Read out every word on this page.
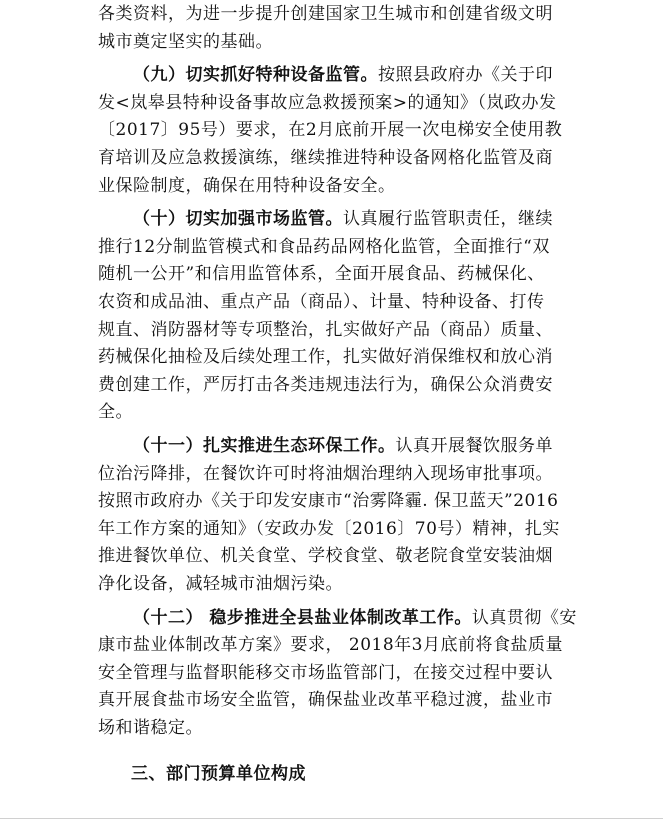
三、部门预算单位构成
各类资料，为进一步提升创建国家卫生城市和创建省级文明
城市奠定坚实的基础。
（九）切实抓好特种设备监管。按照县政府办《关于印
发<岚皋县特种设备事故应急救援预案>的通知》（岚政办发
〔2017〕95号）要求，在2月底前开展一次电梯安全使用教
育培训及应急救援演练，继续推进特种设备网格化监管及商
业保险制度，确保在用特种设备安全。
（十）切实加强市场监管。认真履行监管职责任，继续
推行12分制监管模式和食品药品网格化监管，全面推行“双
随机一公开”和信用监管体系，全面开展食品、药械保化、
农资和成品油、重点产品（商品）、计量、特种设备、打传
规直、消防器材等专项整治，扎实做好产品（商品）质量、
药械保化抽检及后续处理工作，扎实做好消保维权和放心消
费创建工作，严厉打击各类违规违法行为，确保公众消费安
全。
（十一）扎实推进生态环保工作。认真开展餐饮服务单
位治污降排，在餐饮许可时将油烟治理纳入现场审批事项。
按照市政府办《关于印发安康市“治雾降霾. 保卫蓝天”2016
年工作方案的通知》（安政办发〔2016〕70号）精神，扎实
推进餐饮单位、机关食堂、学校食堂、敬老院食堂安装油烟
净化设备，减轻城市油烟污染。
（十二） 稳步推进全县盐业体制改革工作。认真贯彻《安
康市盐业体制改革方案》要求， 2018年3月底前将食盐质量
安全管理与监督职能移交市场监管部门，在接交过程中要认
真开展食盐市场安全监管，确保盐业改革平稳过渡，盐业市
场和谐稳定。
